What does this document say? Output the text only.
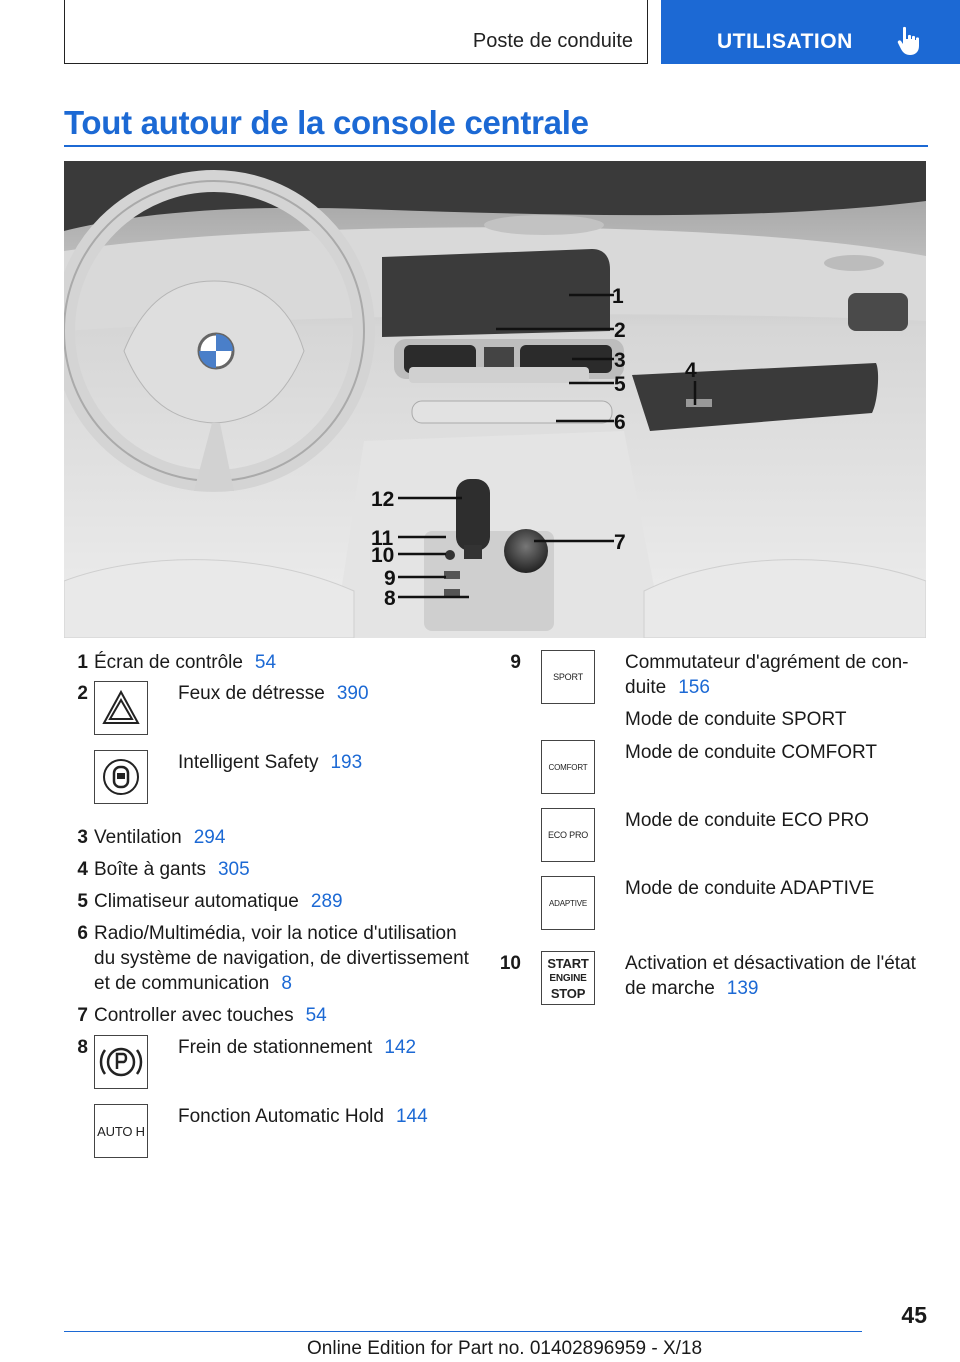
Poste de conduite	UTILISATION
Tout autour de la console centrale
1
2
3	4
5
6
7
8
9
10
11
12
1 Écran de contrôle 54
2	Feux de détresse 390
Intelligent Safety 193
3 Ventilation 294
4 Boîte à gants 305
5 Climatiseur automatique 289
6 Radio/Multimédia, voir la notice d'utilisation
du système de navigation, de divertissement
et de communication 8
7 Controller avec touches 54
8	Frein de stationnement 142
AUTO H
Fonction Automatic Hold 144
9
SPORT
Commutateur d'agrément de con-
duite 156
Mode de conduite SPORT
COMFORT
Mode de conduite COMFORT
ECO PRO
Mode de conduite ECO PRO
ADAPTIVE
Mode de conduite ADAPTIVE
10 START
ENGINE
STOP
Activation et désactivation de l'état
de marche 139
45
Online Edition for Part no. 01402896959 - X/18
